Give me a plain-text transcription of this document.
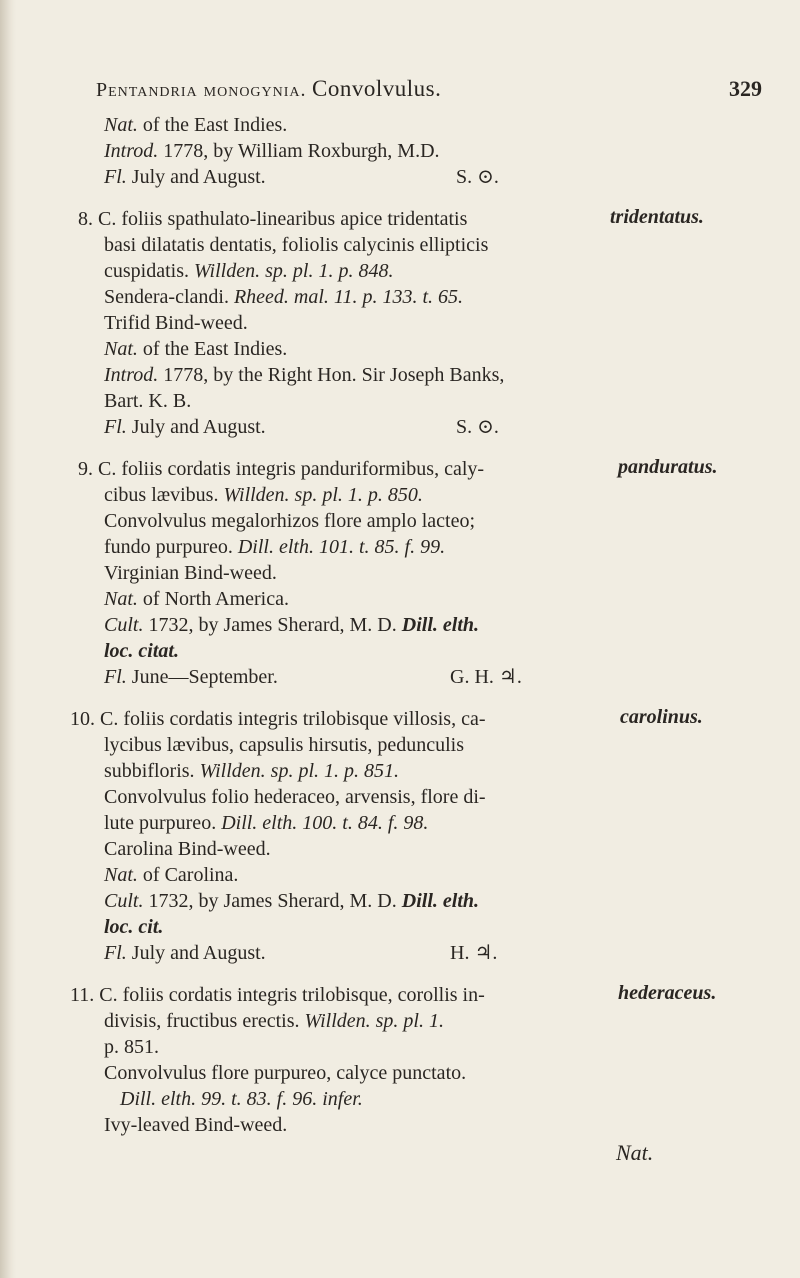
Pentandria monogynia. Convolvulus.	329
Nat. of the East Indies.
Introd. 1778, by William Roxburgh, M.D.
Fl. July and August.	S. ⊙.
8. C. foliis spathulato-linearibus apice tridentatis	tridentatus.
basi dilatatis dentatis, foliolis calycinis ellipticis
cuspidatis. Willden. sp. pl. 1. p. 848.
Sendera-clandi. Rheed. mal. 11. p. 133. t. 65.
Trifid Bind-weed.
Nat. of the East Indies.
Introd. 1778, by the Right Hon. Sir Joseph Banks,
Bart. K. B.
Fl. July and August.	S. ⊙.
9. C. foliis cordatis integris panduriformibus, caly-	panduratus.
cibus lævibus. Willden. sp. pl. 1. p. 850.
Convolvulus megalorhizos flore amplo lacteo;
fundo purpureo. Dill. elth. 101. t. 85. f. 99.
Virginian Bind-weed.
Nat. of North America.
Cult. 1732, by James Sherard, M. D. Dill. elth.
loc. citat.
Fl. June—September.	G. H. ♃.
10. C. foliis cordatis integris trilobisque villosis, ca-	carolinus.
lycibus lævibus, capsulis hirsutis, pedunculis
subbifloris. Willden. sp. pl. 1. p. 851.
Convolvulus folio hederaceo, arvensis, flore di-
lute purpureo. Dill. elth. 100. t. 84. f. 98.
Carolina Bind-weed.
Nat. of Carolina.
Cult. 1732, by James Sherard, M. D. Dill. elth.
loc. cit.
Fl. July and August.	H. ♃.
11. C. foliis cordatis integris trilobisque, corollis in-	hederaceus.
divisis, fructibus erectis. Willden. sp. pl. 1.
p. 851.
Convolvulus flore purpureo, calyce punctato.
Dill. elth. 99. t. 83. f. 96. infer.
Ivy-leaved Bind-weed.
Nat.
